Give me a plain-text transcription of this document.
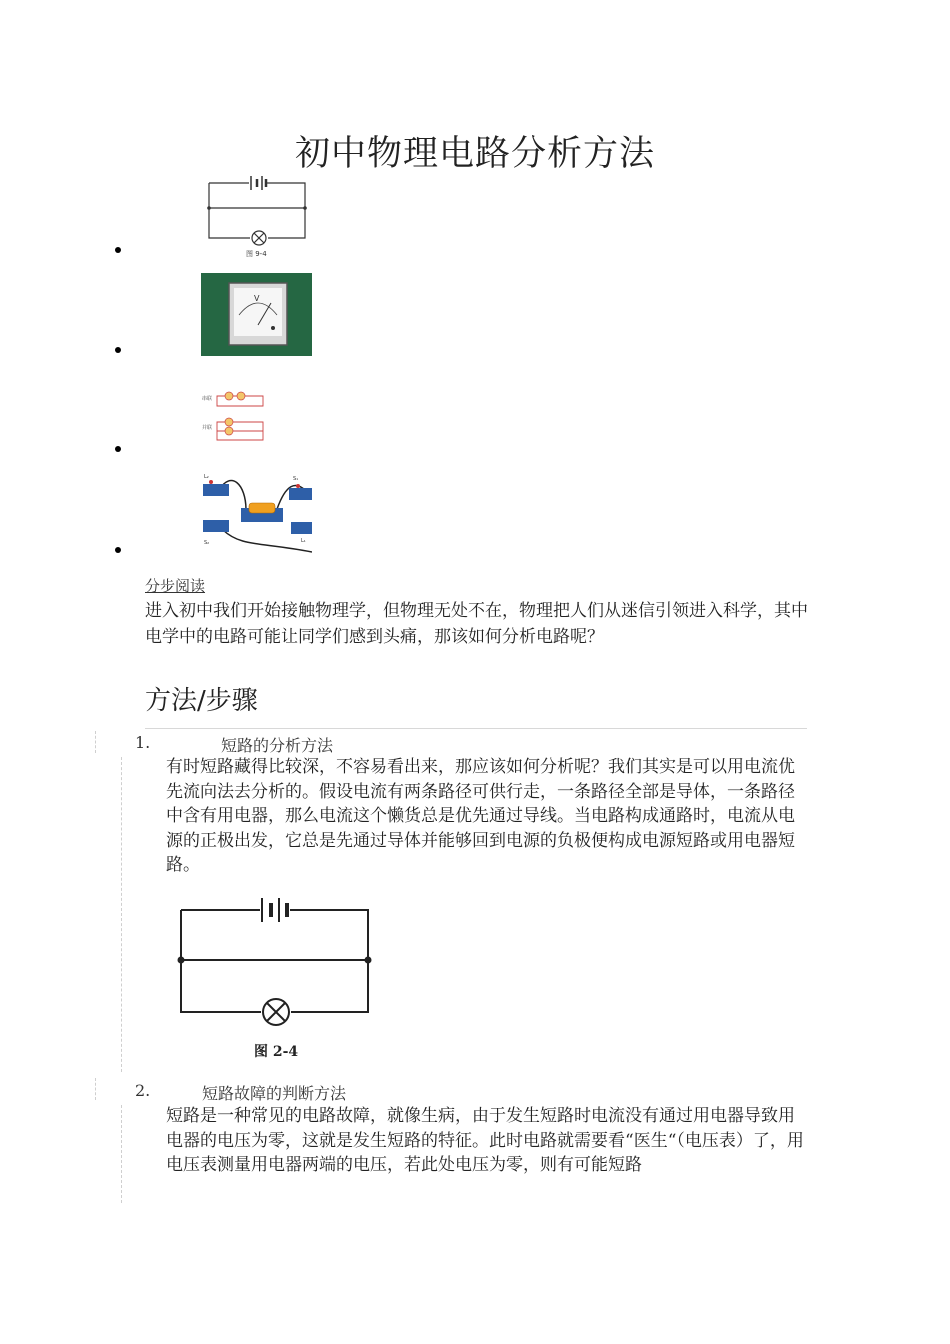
初中物理电路分析方法
图 9-4
V
串联
并联
S₁
S₂	L₁
L₂
分步阅读
进入初中我们开始接触物理学，但物理无处不在，物理把人们从迷信引领进入科学，其中电学中的电路可能让同学们感到头痛，那该如何分析电路呢？
方法/步骤
1.	短路的分析方法
有时短路藏得比较深，不容易看出来，那应该如何分析呢？我们其实是可以用电流优先流向法去分析的。假设电流有两条路径可供行走，一条路径全部是导体，一条路径中含有用电器，那么电流这个懒货总是优先通过导线。当电路构成通路时，电流从电源的正极出发，它总是先通过导体并能够回到电源的负极便构成电源短路或用电器短路。
图 2-4
2.	短路故障的判断方法
短路是一种常见的电路故障，就像生病，由于发生短路时电流没有通过用电器导致用电器的电压为零，这就是发生短路的特征。此时电路就需要看“医生“（电压表）了，用电压表测量用电器两端的电压，若此处电压为零，则有可能短路
